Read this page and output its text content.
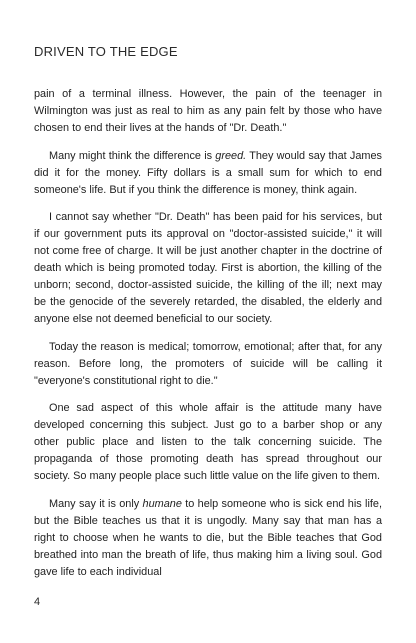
DRIVEN TO THE EDGE

pain of a terminal illness. However, the pain of the teenager in Wilmington was just as real to him as any pain felt by those who have chosen to end their lives at the hands of "Dr. Death."

Many might think the difference is greed. They would say that James did it for the money. Fifty dollars is a small sum for which to end someone's life. But if you think the difference is money, think again.

I cannot say whether "Dr. Death" has been paid for his services, but if our government puts its approval on "doctor-assisted suicide," it will not come free of charge. It will be just another chapter in the doctrine of death which is being promoted today. First is abortion, the killing of the unborn; second, doctor-assisted suicide, the killing of the ill; next may be the genocide of the severely retarded, the disabled, the elderly and anyone else not deemed beneficial to our society.

Today the reason is medical; tomorrow, emotional; after that, for any reason. Before long, the promoters of suicide will be calling it "everyone's constitutional right to die."

One sad aspect of this whole affair is the attitude many have developed concerning this subject. Just go to a barber shop or any other public place and listen to the talk concerning suicide. The propaganda of those promoting death has spread throughout our society. So many people place such little value on the life given to them.

Many say it is only humane to help someone who is sick end his life, but the Bible teaches us that it is ungodly. Many say that man has a right to choose when he wants to die, but the Bible teaches that God breathed into man the breath of life, thus making him a living soul. God gave life to each individual

4
